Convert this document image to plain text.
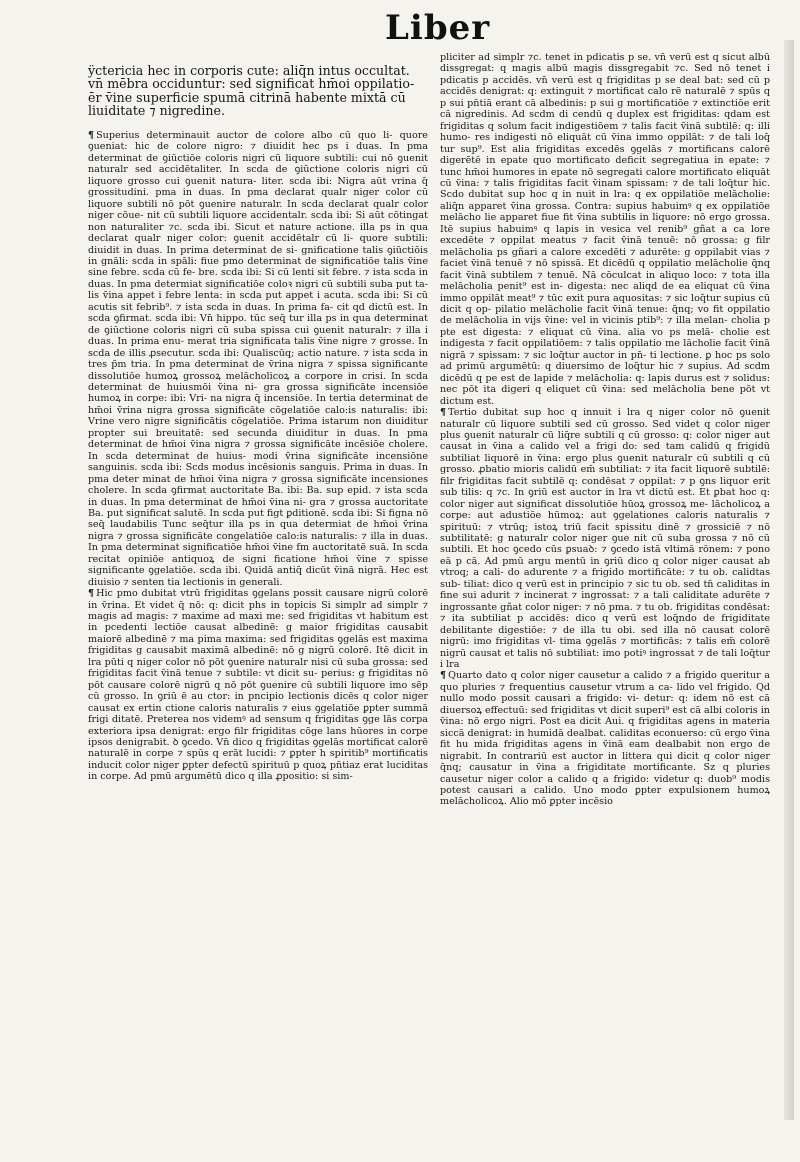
Liber
ÿctericia hec in corporis cute: aliq̄n intus occultat.
vn̄ mēbra occiduntur: sed significat hm̄oi oppilatio-
ēr v̄ine superficie spumā citrinā habente mixtā cū
liuiditate ⁊ nigredine.

¶ Superius determinauit auctor de colore albo cū quo li- quore ꝯueniat: hic de colore nigro: ⁊ diuidit hec ps i duas. In pma determinat de ꝯiūctiōe coloris nigri cū liquore subtili: cui nō ꝯuenit naturalr sed accidētaliter. In scda de ꝯiūctione coloris nigri cū liquore grosso cui ꝯuenit natura- liter. scda ibi: Nigra aūt vrina q̄ grossitudini. pma in duas. In pma declarat qualr niger color cū liquore subtili nō pōt ꝯuenire naturalr. In scda declarat qualr color niger cōue- nit cū subtili liquore accidentalr. scda ibi: Si aūt cōtingat non naturaliter ⁊c. scda ibi. Sicut et nature actione. illa ps in qua declarat qualr niger color: ꝯuenit accidētalr cū li- quore subtili: diuidit in duas. In prima determinat de si- gnificatione talis ꝯiūctiōis in gnāli: scda in spāli: fiue pmo determinat de significatiōe talis v̄ine sine febre. scda cū fe- bre. scda ibi: Si cū lenti sit febre. ⁊ ista scda in duas. In pma determiat significatiōe coloꝛ nigri cū subtili suba put ta- lis v̄ina appet i febre lenta: in scda put appet i acuta. scda ibi: Si cū acutis sit febrib⁹. ⁊ ista scda in duas. In prima fa- cit qd dictū est. In scda ꝯfirmat. scda ibi: Vn̄ hippo. tūc seq̄ tur illa ps in qua determinat de ꝯiūctione coloris nigri cū suba spissa cui ꝯuenit naturalr: ⁊ illa i duas. In prima enu- merat tria significata talis v̄ine nigre ⁊ grosse. In scda de illis ꝓsecutur. scda ibi: Qualiscūq; actio nature. ⁊ ista scda in tres p̄m tria. In pma determinat de v̄rina nigra ⁊ spissa significante dissolutiōe humoꝝ grossoꝝ melācholicoꝝ a corpore in crisi. In scda determinat de huiusmōi v̄ina ni- gra grossa significāte incensiōe humoꝝ in corpe: ibi: Vri- na nigra q̄ incensiōe. In tertia determinat de hm̄oi v̄rina nigra grossa significāte cōgelatiōe calo:is naturalis: ibi: Vrine vero nigre significātis cōgelatiōe. Prima istarum non diuiditur propter sui breuitatē: sed secunda diuiditur in duas. In pma determinat de hm̄oi v̄ina nigra ⁊ grossa significāte incēsiōe cholere. In scda determinat de huius- modi v̄rina significāte incensiōne sanguinis. scda ibi: Scds modus incēsionis sanguis. Prima in duas. In pma deter minat de hm̄oi v̄ina nigra ⁊ grossa significāte incensiones cholere. In scda ꝯfirmat auctoritate Ba. ibi: Ba. sup epid. ⁊ ista scda in duas. In pma determinat de hm̄oi v̄ina ni- gra ⁊ grossa auctoritate Ba. put significat salutē. In scda put figt ꝑditionē. scda ibi: Si figna nō seq̄ laudabilis Tunc seq̄tur illa ps in qua determiat de hm̄oi v̄rina nigra ⁊ grossa significāte congelatiōe calo:is naturalis: ⁊ illa in duas. In pma determinat significatiōe hm̄oi v̄ine fm auctoritatē suā. In scda recitat opiniōe antiquoꝝ de signi ficatione hm̄oi v̄ine ⁊ spisse significante ꝯgelatiōe. scda ibi. Quidā antiq̄ dicūt v̄inā nigrā. Hec est diuisio ⁊ senten tia lectionis in generali.

¶ Hic pmo dubitat vtrū frigiditas ꝯgelans possit causare nigrū colorē in v̄rina. Et videt q̄ nō: q: dicit phs in topicis Si simplr ad simplr ⁊ magis ad magis: ⁊ maxime ad maxi me: sed frigiditas vt habitum est in pcedenti lectiōe causat albedinē: g maior frigiditas causabit maiorē albedinē ⁊ ma pima maxima: sed frigiditas ꝯgelās est maxima frigiditas g causabit maximā albedinē: nō g nigrū colorē. Itē dicit in lra pūti q niger color nō pōt ꝯuenire naturalr nisi cū suba grossa: sed frigiditas facit v̄inā tenue ⁊ subtile: vt dicit su- perius: g frigiditas nō pōt causare colorē nigrū q nō pōt ꝯuenire cū subtili liquore imo sēp cū grosso. In ꝯriū ē au ctor: in pncipio lectionis dicēs q color niger causat ex ertin ctione caloris naturalis ⁊ eius ꝯgelatiōe ꝑpter summā frigi ditatē. Preterea nos videmꝰ ad sensum q frigiditas ꝯge lās corpa exteriora ipsa denigrat: ergo filr frigiditas cōge lans hūores in corpe ipsos denigrabit. ꝺ ꝯcedo. Vn̄ dico q frigiditas ꝯgelās mortificat calorē naturalē in corpe ⁊ spūs q erāt lucidi: ⁊ ꝑpter h spiritib⁹ mortificatis inducit color niger ꝑpter defectū spirituū p quoꝝ pn̄tiaz erat luciditas in corpe. Ad pmū argumētū dico q illa ꝓpositio: si sim-

pliciter ad simplr ⁊c. tenet in pdicatis p se. vn̄ verū est q sicut albū dissgregat: q magis albū magis dissgregabit ⁊c. Sed nō tenet i pdicatis p accidēs. vn̄ verū est q frigiditas p se deal bat: sed cū p accidēs denigrat: q: extinguit ⁊ mortificat calo rē naturalē ⁊ spūs q p sui pn̄tiā erant cā albedinis: p sui g mortificatiōe ⁊ extinctiōe erit cā nigredinis. Ad scdm di cendū q duplex est frigiditas: qdam est frigiditas q solum facit indigestiōem ⁊ talis facit v̄inā subtilē: q: illi humo- res indigesti nō eliquāt cū v̄ina immo oppilāt: ⁊ de tali loq̄ tur sup⁹. Est alia frigiditas excedēs ꝯgelās ⁊ mortificans calorē digerētē in epate quo mortificato deficit segregatiua in epate: ⁊ tunc hm̄oi humores in epate nō segregati calore mortificato eliquāt cū v̄ina: ⁊ talis frigiditas facit v̄inam spissam: ⁊ de tali loq̄tur hic. Scdo dubitat sup hoc q in nuit in lra: q ex oppilatiōe melācholie: aliq̄n apparet v̄ina grossa. Contra: supius habuimꝰ q ex oppilatiōe melācho lie apparet fiue fit v̄ina subtilis in liquore: nō ergo grossa. Itē supius habuimꝰ q lapis in vesica vel renib⁹ gñat a ca lore excedēte ⁊ oppilat meatus ⁊ facit v̄inā tenuē: nō grossa: g filr melācholia ps gñari a calore excedēti ⁊ adurēte: g oppilabit vias ⁊ faciet v̄inā tenuē ⁊ nō spissā. Et dicēdū q oppilatio melācholie q̄nq facit v̄inā subtilem ⁊ tenuē. Nā cōculcat in aliquo loco: ⁊ tota illa melācholia penit⁹ est in- digesta: nec aliqd de ea eliquat cū v̄ina immo oppilāt meat⁹ ⁊ tūc exit pura aquositas: ⁊ sic loq̄tur supius cū dicit q op- pilatio melācholie facit v̄inā tenue: q̄nq; vo fit oppilatio de melācholia in vijs v̄ine: vel in vicinis ptib⁹: ⁊ illa melan- cholia p pte est digesta: ⁊ eliquat cū v̄ina. alia vo ps melā- cholie est indigesta ⁊ facit oppilatiōem: ⁊ talis oppilatio me lācholie facit v̄inā nigrā ⁊ spissam: ⁊ sic loq̄tur auctor in pn̄- ti lectione. ꝑ hoc ps solo ad primū argumētū: q diuersimo de loq̄tur hic ⁊ supius. Ad scdm dicēdū q pe est de lapide ⁊ melācholia: q: lapis durus est ⁊ solidus: nec pōt ita digeri q eliquet cū v̄ina: sed melācholia bene pōt vt dictum est.

¶ Tertio dubitat sup hoc q innuit i lra q niger color nō ꝯuenit naturalr cū liquore subtili sed cū grosso. Sed videt q color niger plus ꝯuenit naturalr cū liq̄re subtili q cū grosso: q: color niger aut causat in v̄ina a calido vel a frigi do: sed tam calidū q frigidū subtiliat liquorē in v̄ina: ergo plus ꝯuenit naturalr cū subtili q cū grosso. ꝓbatio mioris calidū em̄ subtiliat: ⁊ ita facit liquorē subtilē: filr frigiditas facit subtilē q: condēsat ⁊ oppilat: ⁊ p ꝯns liquor erit sub tilis: q ⁊c. In ꝯriū est auctor in lra vt dictū est. Et ꝑbat hoc q: color niger aut significat dissolutiōe hūoꝝ grossoꝝ me- lācholicoꝝ a corpe: aut adustiōe hūmoꝝ: aut ꝯgelationes caloris naturalis ⁊ spirituū: ⁊ vtrūq; istoꝝ triū facit spissitu dinē ⁊ grossiciē ⁊ nō subtilitatē: g naturalr color niger ꝯue nit cū suba grossa ⁊ nō cū subtili. Et hoc ꝯcedo cūs ꝑsuaꝺ: ⁊ ꝯcedo istā vltimā rōnem: ⁊ pono eā p cā. Ad pmū argu mentū in ꝯriū dico q color niger causat ab vtroq; a cali- do adurente ⁊ a frigido mortificāte: ⁊ tu ob. calidtas sub- tiliat: dico q verū est in principio ⁊ sic tu ob. sed tn̄ caliditas in fine sui adurit ⁊ incinerat ⁊ ingrossat: ⁊ a tali caliditate adurēte ⁊ ingrossante gñat color niger: ⁊ nō pma. ⁊ tu ob. frigiditas condēsat: ⁊ ita subtiliat p accidēs: dico q verū est loq̄ndo de frigiditate debilitante digestiōe: ⁊ de illa tu obi. sed illa nō causat colorē nigrū: imo frigiditas vl- tima ꝯgelās ⁊ mortificās: ⁊ talis em̄ colorē nigrū causat et talis nō subtiliat: imo potiꝰ ingrossat ⁊ de tali loq̄tur i lra

¶ Quarto dato q color niger causetur a calido ⁊ a frigido queritur a quo pluries ⁊ frequentius causetur vtrum a ca- lido vel frigido. Qd nullo modo possit causari a frigido: vi- detur: q: idem nō est cā diuersoꝝ effectuū: sed frigiditas vt dicit superi⁹ est cā albi coloris in v̄ina: nō ergo nigri. Post ea dicit Aui. q frigiditas agens in materia siccā denigrat: in humidā dealbat. caliditas econuerso: cū ergo v̄ina fit hu mida frigiditas agens in v̄inā eam dealbabit non ergo de nigrabit. In contrariū est auctor in littera qui dicit q color niger q̄nq; causatur in v̄ina a frigiditate mortificante. Sz q pluries causetur niger color a calido q a frigido: videtur q: duob⁹ modis potest causari a calido. Uno modo ꝑpter expulsionem humoꝝ melācholicoꝝ. Alio mō ꝑpter incēsio
